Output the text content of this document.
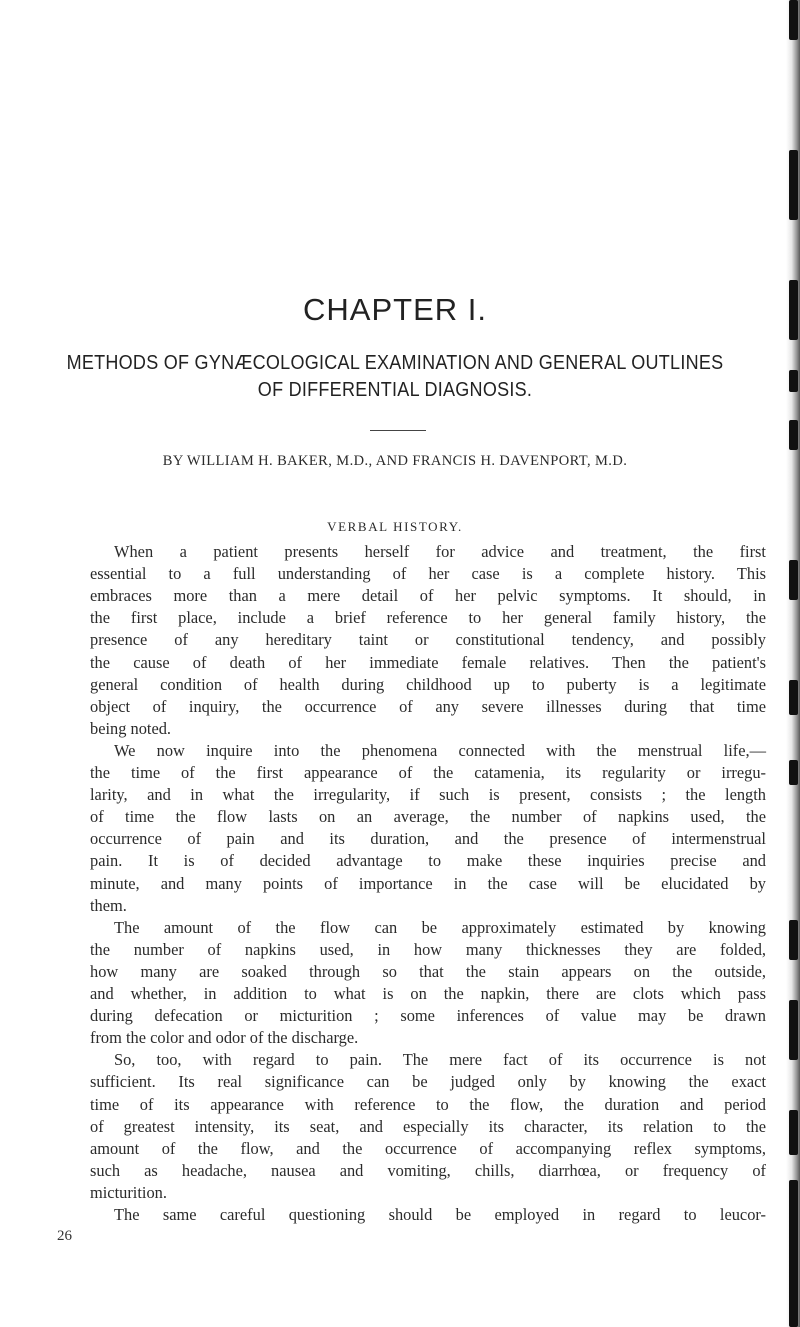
CHAPTER I.
METHODS OF GYNÆCOLOGICAL EXAMINATION AND GENERAL OUTLINES
OF DIFFERENTIAL DIAGNOSIS.

BY WILLIAM H. BAKER, M.D., AND FRANCIS H. DAVENPORT, M.D.

VERBAL HISTORY.
When a patient presents herself for advice and treatment, the first
essential to a full understanding of her case is a complete history. This
embraces more than a mere detail of her pelvic symptoms. It should, in
the first place, include a brief reference to her general family history, the
presence of any hereditary taint or constitutional tendency, and possibly
the cause of death of her immediate female relatives. Then the patient's
general condition of health during childhood up to puberty is a legitimate
object of inquiry, the occurrence of any severe illnesses during that time
being noted.
We now inquire into the phenomena connected with the menstrual life,—
the time of the first appearance of the catamenia, its regularity or irregu-
larity, and in what the irregularity, if such is present, consists ; the length
of time the flow lasts on an average, the number of napkins used, the
occurrence of pain and its duration, and the presence of intermenstrual
pain. It is of decided advantage to make these inquiries precise and
minute, and many points of importance in the case will be elucidated by
them.
The amount of the flow can be approximately estimated by knowing
the number of napkins used, in how many thicknesses they are folded,
how many are soaked through so that the stain appears on the outside,
and whether, in addition to what is on the napkin, there are clots which pass
during defecation or micturition ; some inferences of value may be drawn
from the color and odor of the discharge.
So, too, with regard to pain. The mere fact of its occurrence is not
sufficient. Its real significance can be judged only by knowing the exact
time of its appearance with reference to the flow, the duration and period
of greatest intensity, its seat, and especially its character, its relation to the
amount of the flow, and the occurrence of accompanying reflex symptoms,
such as headache, nausea and vomiting, chills, diarrhœa, or frequency of
micturition.
The same careful questioning should be employed in regard to leucor-
26
